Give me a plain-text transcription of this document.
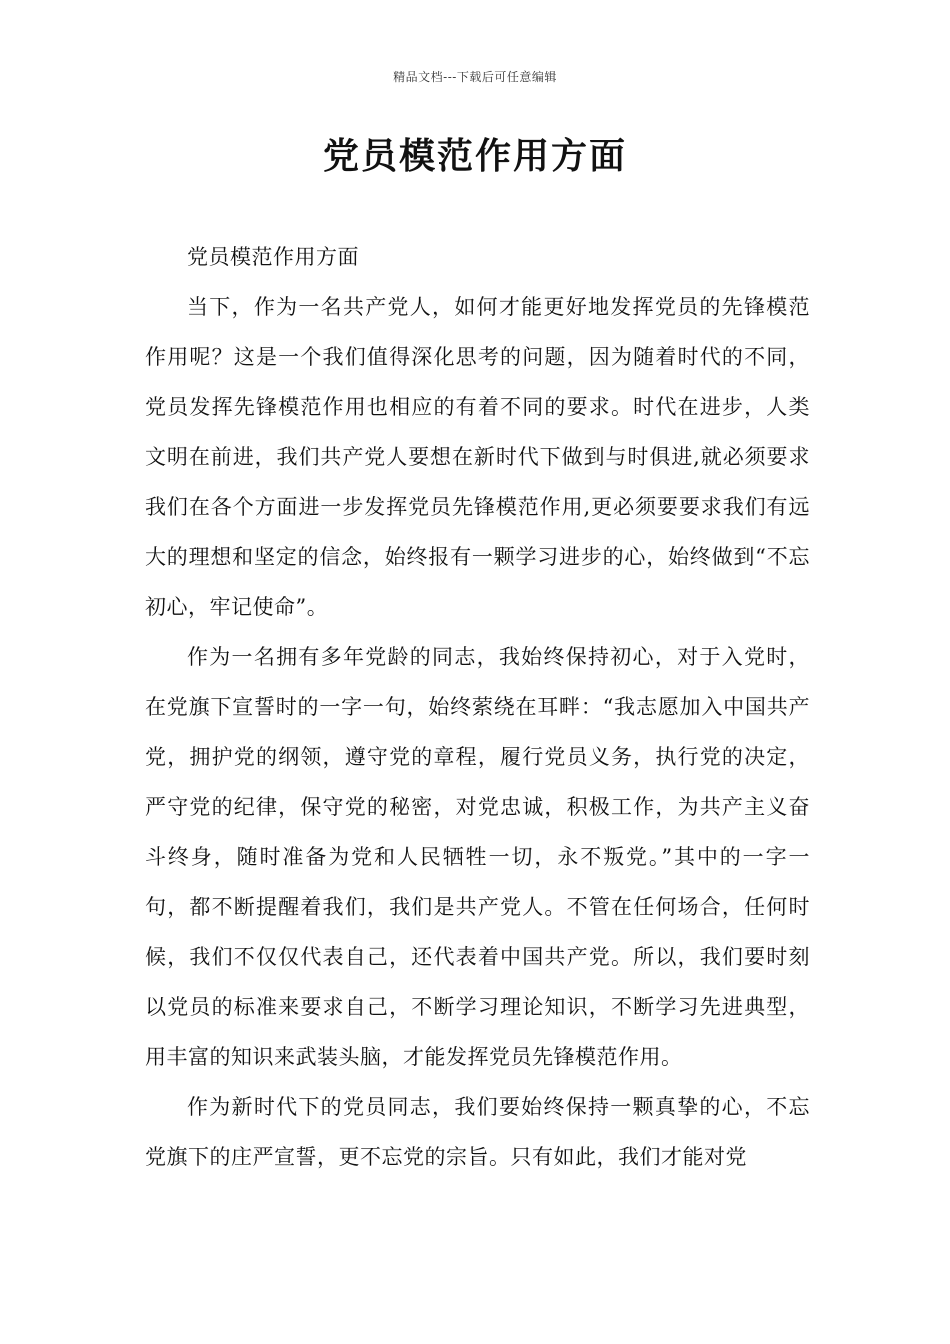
精品文档---下载后可任意编辑
党员模范作用方面

党员模范作用方面

当下，作为一名共产党人，如何才能更好地发挥党员的先锋模范作用呢？这是一个我们值得深化思考的问题，因为随着时代的不同，党员发挥先锋模范作用也相应的有着不同的要求。时代在进步，人类文明在前进，我们共产党人要想在新时代下做到与时俱进,就必须要求我们在各个方面进一步发挥党员先锋模范作用,更必须要要求我们有远大的理想和坚定的信念，始终报有一颗学习进步的心，始终做到“不忘初心，牢记使命”。

作为一名拥有多年党龄的同志，我始终保持初心，对于入党时，在党旗下宣誓时的一字一句，始终萦绕在耳畔：“我志愿加入中国共产党，拥护党的纲领，遵守党的章程，履行党员义务，执行党的决定，严守党的纪律，保守党的秘密，对党忠诚，积极工作，为共产主义奋斗终身，随时准备为党和人民牺牲一切，永不叛党。”其中的一字一句，都不断提醒着我们，我们是共产党人。不管在任何场合，任何时候，我们不仅仅代表自己，还代表着中国共产党。所以，我们要时刻以党员的标准来要求自己，不断学习理论知识，不断学习先进典型，用丰富的知识来武装头脑，才能发挥党员先锋模范作用。

作为新时代下的党员同志，我们要始终保持一颗真挚的心，不忘党旗下的庄严宣誓，更不忘党的宗旨。只有如此，我们才能对党
